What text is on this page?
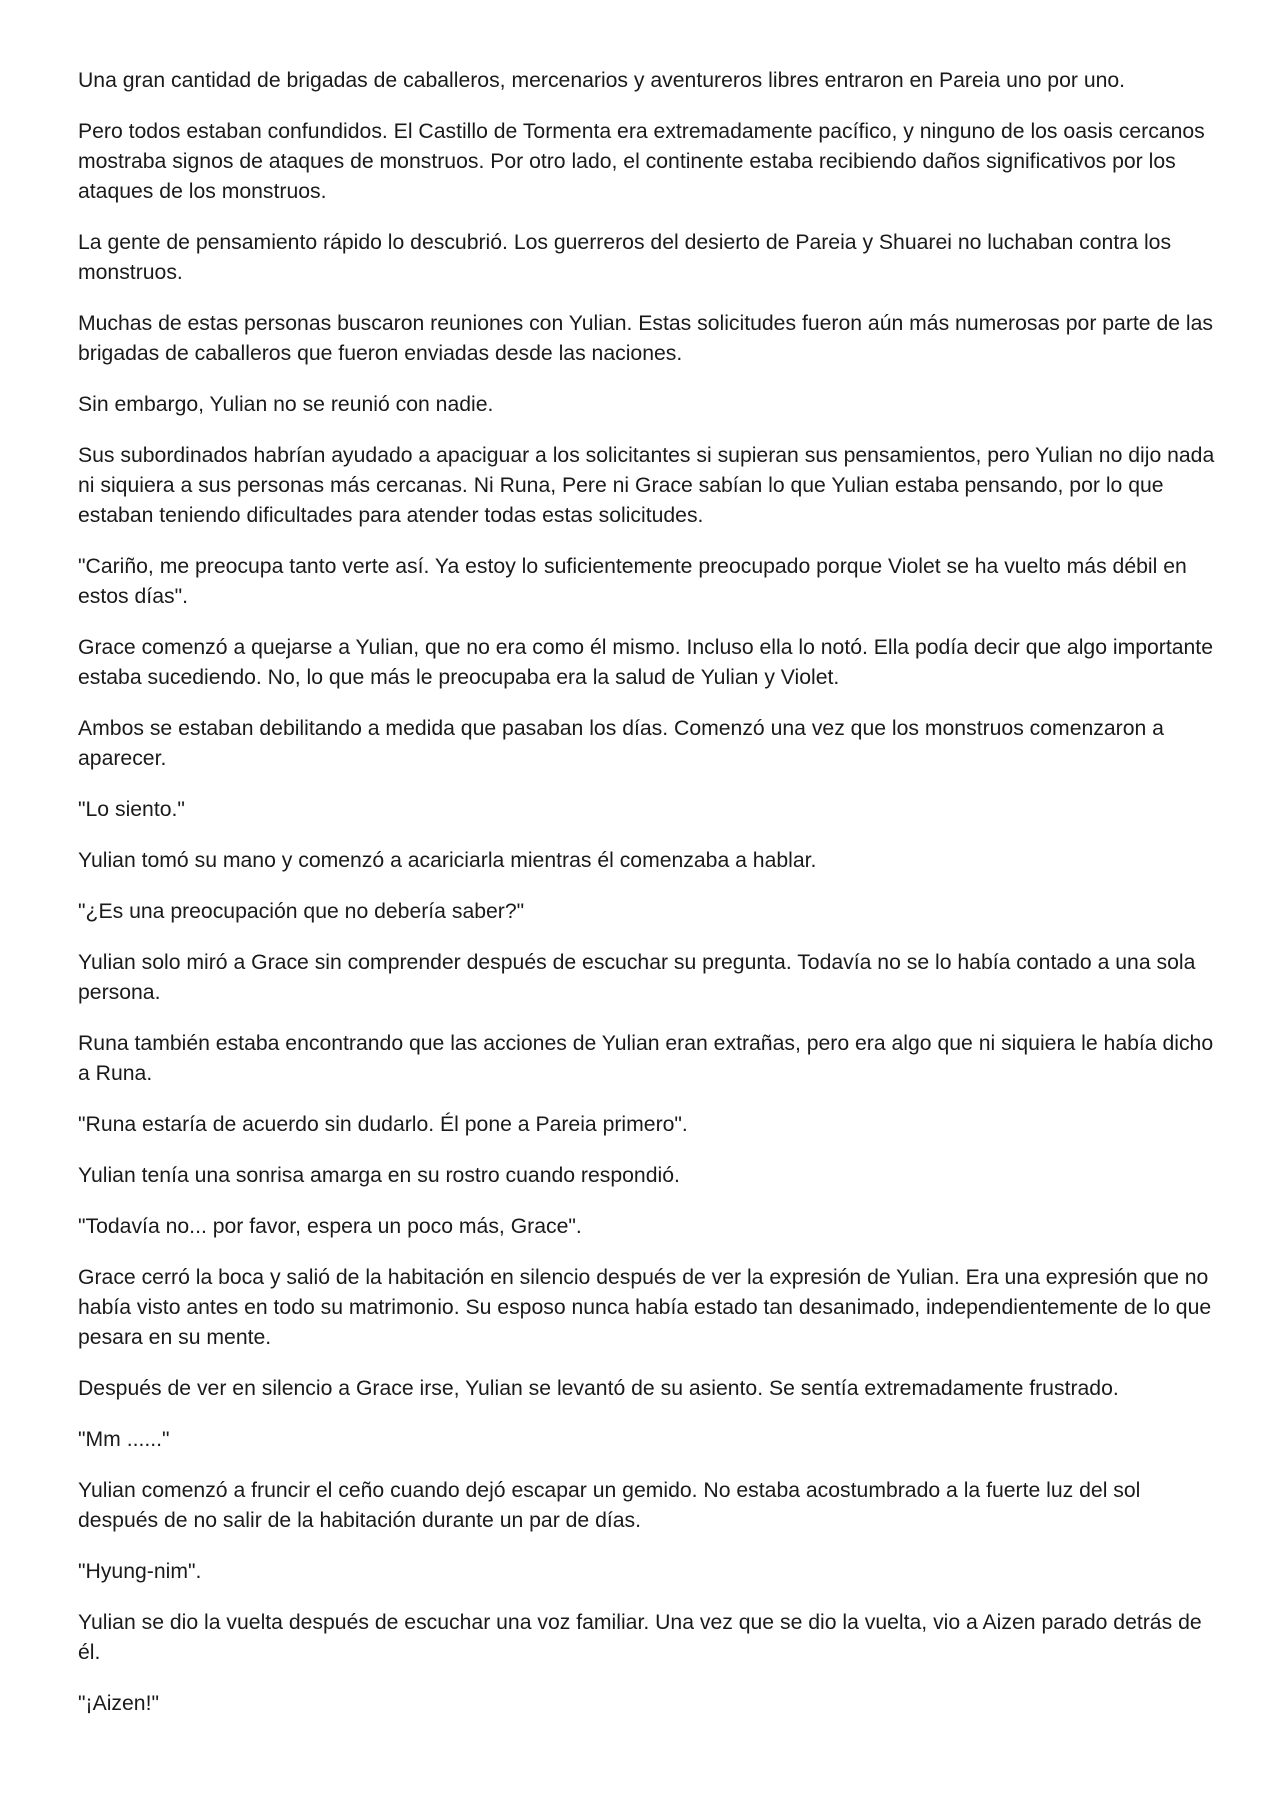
Una gran cantidad de brigadas de caballeros, mercenarios y aventureros libres entraron en Pareia uno por uno.

Pero todos estaban confundidos. El Castillo de Tormenta era extremadamente pacífico, y ninguno de los oasis cercanos mostraba signos de ataques de monstruos. Por otro lado, el continente estaba recibiendo daños significativos por los ataques de los monstruos.

La gente de pensamiento rápido lo descubrió. Los guerreros del desierto de Pareia y Shuarei no luchaban contra los monstruos.

Muchas de estas personas buscaron reuniones con Yulian. Estas solicitudes fueron aún más numerosas por parte de las brigadas de caballeros que fueron enviadas desde las naciones.

Sin embargo, Yulian no se reunió con nadie.

Sus subordinados habrían ayudado a apaciguar a los solicitantes si supieran sus pensamientos, pero Yulian no dijo nada ni siquiera a sus personas más cercanas. Ni Runa, Pere ni Grace sabían lo que Yulian estaba pensando, por lo que estaban teniendo dificultades para atender todas estas solicitudes.

"Cariño, me preocupa tanto verte así. Ya estoy lo suficientemente preocupado porque Violet se ha vuelto más débil en estos días".

Grace comenzó a quejarse a Yulian, que no era como él mismo. Incluso ella lo notó. Ella podía decir que algo importante estaba sucediendo. No, lo que más le preocupaba era la salud de Yulian y Violet.

Ambos se estaban debilitando a medida que pasaban los días. Comenzó una vez que los monstruos comenzaron a aparecer.

"Lo siento."

Yulian tomó su mano y comenzó a acariciarla mientras él comenzaba a hablar.

"¿Es una preocupación que no debería saber?"

Yulian solo miró a Grace sin comprender después de escuchar su pregunta. Todavía no se lo había contado a una sola persona.

Runa también estaba encontrando que las acciones de Yulian eran extrañas, pero era algo que ni siquiera le había dicho a Runa.

"Runa estaría de acuerdo sin dudarlo. Él pone a Pareia primero".

Yulian tenía una sonrisa amarga en su rostro cuando respondió.

"Todavía no... por favor, espera un poco más, Grace".

Grace cerró la boca y salió de la habitación en silencio después de ver la expresión de Yulian. Era una expresión que no había visto antes en todo su matrimonio. Su esposo nunca había estado tan desanimado, independientemente de lo que pesara en su mente.

Después de ver en silencio a Grace irse, Yulian se levantó de su asiento. Se sentía extremadamente frustrado.

"Mm ......"

Yulian comenzó a fruncir el ceño cuando dejó escapar un gemido. No estaba acostumbrado a la fuerte luz del sol después de no salir de la habitación durante un par de días.

"Hyung-nim".

Yulian se dio la vuelta después de escuchar una voz familiar. Una vez que se dio la vuelta, vio a Aizen parado detrás de él.

"¡Aizen!"
